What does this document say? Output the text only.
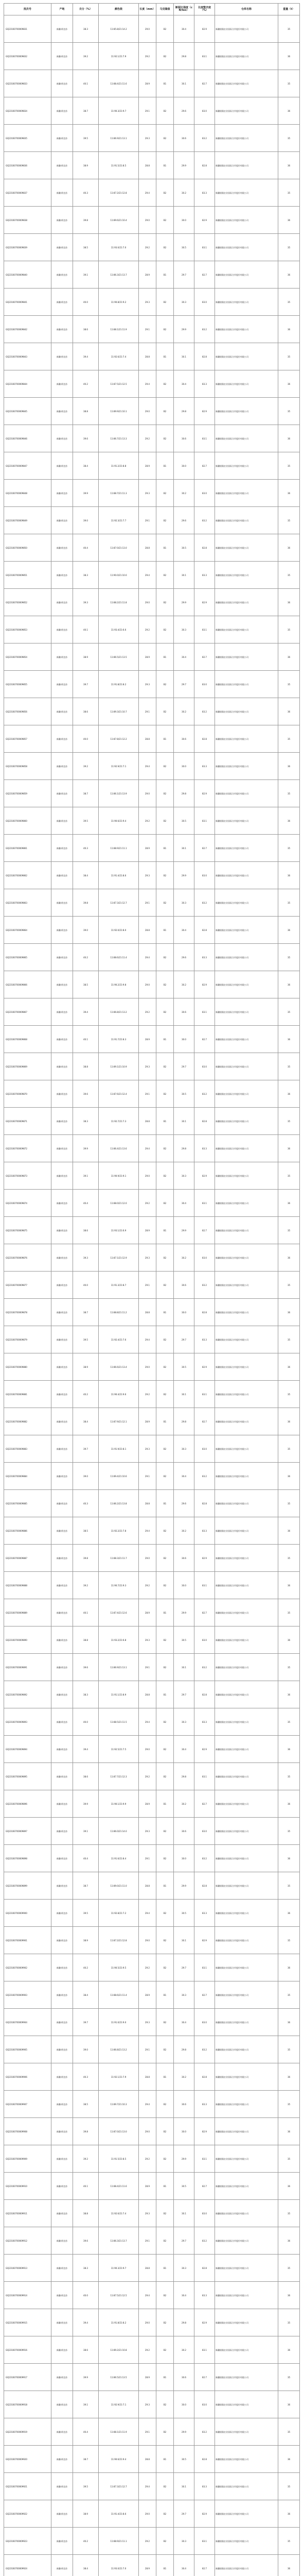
批次号	产地	衣分（%）	颜色级	长度（mm）	马克隆值	断裂比强度（cN/tex）	长度整齐度（%）	仓库名称	重量（t）
GQ23160700009831	新疆·阿克苏	38.3	11:85.8/21:14.2	29.0	B2	30.4	82.9	新疆银隆农业国际合作股份有限公司	35
GQ23160700009832	新疆·阿克苏	39.2	11:92.1/21:7.9	29.2	B2	29.8	83.1	新疆银隆农业国际合作股份有限公司	36
GQ23160700009833	新疆·阿克苏	40.1	11:88.4/21:11.6	28.9	B1	30.1	82.7	新疆银隆农业国际合作股份有限公司	35
GQ23160700009834	新疆·阿克苏	38.7	11:90.3/21:9.7	29.1	B2	29.6	83.0	新疆银隆农业国际合作股份有限公司	36
GQ23160700009835	新疆·阿克苏	39.5	11:86.9/21:13.1	29.3	B2	30.6	83.2	新疆银隆农业国际合作股份有限公司	35
GQ23160700009836	新疆·阿克苏	38.9	11:91.5/21:8.5	28.8	B1	29.9	82.8	新疆银隆农业国际合作股份有限公司	36
GQ23160700009837	新疆·阿克苏	40.3	11:87.2/21:12.8	29.4	B2	30.2	83.3	新疆银隆农业国际合作股份有限公司	35
GQ23160700009838	新疆·阿克苏	39.8	11:89.6/21:10.4	29.0	B2	30.0	82.9	新疆银隆农业国际合作股份有限公司	36
GQ23160700009839	新疆·阿克苏	38.5	11:93.0/21:7.0	29.2	B2	30.5	83.1	新疆银隆农业国际合作股份有限公司	35
GQ23160700009840	新疆·阿克苏	39.1	11:86.3/21:13.7	28.9	B1	29.7	82.7	新疆银隆农业国际合作股份有限公司	36
GQ23160700009841	新疆·阿克苏	40.0	11:90.8/21:9.2	29.3	B2	30.3	83.0	新疆银隆农业国际合作股份有限公司	35
GQ23160700009842	新疆·阿克苏	38.6	11:88.1/21:11.9	29.1	B2	29.9	83.2	新疆银隆农业国际合作股份有限公司	36
GQ23160700009843	新疆·阿克苏	39.4	11:92.6/21:7.4	28.8	B1	30.1	82.8	新疆银隆农业国际合作股份有限公司	35
GQ23160700009844	新疆·阿克苏	40.2	11:87.5/21:12.5	29.4	B2	30.4	83.3	新疆银隆农业国际合作股份有限公司	36
GQ23160700009845	新疆·阿克苏	38.8	11:89.9/21:10.1	29.0	B2	29.8	82.9	新疆银隆农业国际合作股份有限公司	35
GQ23160700009846	新疆·阿克苏	39.6	11:86.7/21:13.3	29.2	B2	30.6	83.1	新疆银隆农业国际合作股份有限公司	36
GQ23160700009847	新疆·阿克苏	38.4	11:91.2/21:8.8	28.9	B1	30.0	82.7	新疆银隆农业国际合作股份有限公司	35
GQ23160700009848	新疆·阿克苏	39.9	11:88.7/21:11.3	29.3	B2	30.2	83.0	新疆银隆农业国际合作股份有限公司	36
GQ23160700009849	新疆·阿克苏	39.0	11:92.3/21:7.7	29.1	B2	29.6	83.2	新疆银隆农业国际合作股份有限公司	35
GQ23160700009850	新疆·阿克苏	40.4	11:87.0/21:13.0	28.8	B1	30.5	82.8	新疆银隆农业国际合作股份有限公司	36
GQ23160700009851	新疆·阿克苏	38.3	11:90.0/21:10.0	29.4	B2	30.1	83.3	新疆银隆农业国际合作股份有限公司	35
GQ23160700009852	新疆·阿克苏	39.3	11:88.2/21:11.8	29.0	B2	29.9	82.9	新疆银隆农业国际合作股份有限公司	36
GQ23160700009853	新疆·阿克苏	40.1	11:93.4/21:6.6	29.2	B2	30.3	83.1	新疆银隆农业国际合作股份有限公司	35
GQ23160700009854	新疆·阿克苏	38.9	11:86.5/21:13.5	28.9	B1	30.4	82.7	新疆银隆农业国际合作股份有限公司	36
GQ23160700009855	新疆·阿克苏	39.7	11:91.8/21:8.2	29.3	B2	29.7	83.0	新疆银隆农业国际合作股份有限公司	35
GQ23160700009856	新疆·阿克苏	38.6	11:89.3/21:10.7	29.1	B2	30.2	83.2	新疆银隆农业国际合作股份有限公司	36
GQ23160700009857	新疆·阿克苏	40.0	11:87.8/21:12.2	28.8	B1	30.6	82.8	新疆银隆农业国际合作股份有限公司	35
GQ23160700009858	新疆·阿克苏	39.2	11:92.9/21:7.1	29.4	B2	30.0	83.3	新疆银隆农业国际合作股份有限公司	36
GQ23160700009859	新疆·阿克苏	38.7	11:86.1/21:13.9	29.0	B2	29.8	82.9	新疆银隆农业国际合作股份有限公司	35
GQ23160700009860	新疆·阿克苏	39.5	11:90.6/21:9.4	29.2	B2	30.5	83.1	新疆银隆农业国际合作股份有限公司	36
GQ23160700009861	新疆·阿克苏	40.3	11:88.9/21:11.1	28.9	B1	30.1	82.7	新疆银隆农业国际合作股份有限公司	35
GQ23160700009862	新疆·阿克苏	38.4	11:91.4/21:8.6	29.3	B2	29.9	83.0	新疆银隆农业国际合作股份有限公司	36
GQ23160700009863	新疆·阿克苏	39.8	11:87.3/21:12.7	29.1	B2	30.3	83.2	新疆银隆农业国际合作股份有限公司	35
GQ23160700009864	新疆·阿克苏	39.0	11:92.0/21:8.0	28.8	B1	30.4	82.8	新疆银隆农业国际合作股份有限公司	36
GQ23160700009865	新疆·阿克苏	40.2	11:88.6/21:11.4	29.4	B2	29.6	83.3	新疆银隆农业国际合作股份有限公司	35
GQ23160700009866	新疆·阿克苏	38.5	11:90.2/21:9.8	29.0	B2	30.2	82.9	新疆银隆农业国际合作股份有限公司	36
GQ23160700009867	新疆·阿克苏	39.4	11:86.8/21:13.2	29.2	B2	30.6	83.1	新疆银隆农业国际合作股份有限公司	35
GQ23160700009868	新疆·阿克苏	40.1	11:91.7/21:8.3	28.9	B1	30.0	82.7	新疆银隆农业国际合作股份有限公司	36
GQ23160700009869	新疆·阿克苏	38.8	11:89.1/21:10.9	29.3	B2	29.7	83.0	新疆银隆农业国际合作股份有限公司	35
GQ23160700009870	新疆·阿克苏	39.6	11:87.6/21:12.4	29.1	B2	30.5	83.2	新疆银隆农业国际合作股份有限公司	36
GQ23160700009871	新疆·阿克苏	38.3	11:92.7/21:7.3	28.8	B1	30.1	82.8	新疆银隆农业国际合作股份有限公司	35
GQ23160700009872	新疆·阿克苏	39.9	11:86.4/21:13.6	29.4	B2	29.8	83.3	新疆银隆农业国际合作股份有限公司	36
GQ23160700009873	新疆·阿克苏	39.1	11:90.9/21:9.1	29.0	B2	30.3	82.9	新疆银隆农业国际合作股份有限公司	35
GQ23160700009874	新疆·阿克苏	40.4	11:88.0/21:12.0	29.2	B2	30.4	83.1	新疆银隆农业国际合作股份有限公司	36
GQ23160700009875	新疆·阿克苏	38.6	11:93.1/21:6.9	28.9	B1	29.9	82.7	新疆银隆农业国际合作股份有限公司	35
GQ23160700009876	新疆·阿克苏	39.3	11:87.1/21:12.9	29.3	B2	30.2	83.0	新疆银隆农业国际合作股份有限公司	36
GQ23160700009877	新疆·阿克苏	40.0	11:91.3/21:8.7	29.1	B2	30.6	83.2	新疆银隆农业国际合作股份有限公司	35
GQ23160700009878	新疆·阿克苏	38.7	11:88.8/21:11.2	28.8	B1	30.0	82.8	新疆银隆农业国际合作股份有限公司	36
GQ23160700009879	新疆·阿克苏	39.5	11:92.4/21:7.6	29.4	B2	29.7	83.3	新疆银隆农业国际合作股份有限公司	35
GQ23160700009880	新疆·阿克苏	38.9	11:86.6/21:13.4	29.0	B2	30.5	82.9	新疆银隆农业国际合作股份有限公司	36
GQ23160700009881	新疆·阿克苏	40.2	11:90.4/21:9.6	29.2	B2	30.1	83.1	新疆银隆农业国际合作股份有限公司	35
GQ23160700009882	新疆·阿克苏	38.4	11:87.9/21:12.1	28.9	B1	29.8	82.7	新疆银隆农业国际合作股份有限公司	36
GQ23160700009883	新疆·阿克苏	39.7	11:91.9/21:8.1	29.3	B2	30.3	83.0	新疆银隆农业国际合作股份有限公司	35
GQ23160700009884	新疆·阿克苏	39.0	11:89.4/21:10.6	29.1	B2	30.4	83.2	新疆银隆农业国际合作股份有限公司	36
GQ23160700009885	新疆·阿克苏	40.3	11:86.2/21:13.8	28.8	B1	29.6	82.8	新疆银隆农业国际合作股份有限公司	35
GQ23160700009886	新疆·阿克苏	38.5	11:92.2/21:7.8	29.4	B2	30.2	83.3	新疆银隆农业国际合作股份有限公司	36
GQ23160700009887	新疆·阿克苏	39.8	11:88.3/21:11.7	29.0	B2	30.6	82.9	新疆银隆农业国际合作股份有限公司	35
GQ23160700009888	新疆·阿克苏	39.2	11:90.7/21:9.3	29.2	B2	30.0	83.1	新疆银隆农业国际合作股份有限公司	36
GQ23160700009889	新疆·阿克苏	40.1	11:87.4/21:12.6	28.9	B1	29.9	82.7	新疆银隆农业国际合作股份有限公司	35
GQ23160700009890	新疆·阿克苏	38.8	11:93.2/21:6.8	29.3	B2	30.5	83.0	新疆银隆农业国际合作股份有限公司	36
GQ23160700009891	新疆·阿克苏	39.6	11:86.9/21:13.1	29.1	B2	30.1	83.2	新疆银隆农业国际合作股份有限公司	35
GQ23160700009892	新疆·阿克苏	38.3	11:91.1/21:8.9	28.8	B1	29.7	82.8	新疆银隆农业国际合作股份有限公司	36
GQ23160700009893	新疆·阿克苏	40.0	11:88.5/21:11.5	29.4	B2	30.3	83.3	新疆银隆农业国际合作股份有限公司	35
GQ23160700009894	新疆·阿克苏	39.4	11:92.5/21:7.5	29.0	B2	30.4	82.9	新疆银隆农业国际合作股份有限公司	36
GQ23160700009895	新疆·阿克苏	38.6	11:87.7/21:12.3	29.2	B2	29.8	83.1	新疆银隆农业国际合作股份有限公司	35
GQ23160700009896	新疆·阿克苏	39.9	11:90.1/21:9.9	28.9	B1	30.2	82.7	新疆银隆农业国际合作股份有限公司	36
GQ23160700009897	新疆·阿克苏	39.1	11:86.0/21:14.0	29.3	B2	30.6	83.0	新疆银隆农业国际合作股份有限公司	35
GQ23160700009898	新疆·阿克苏	40.4	11:91.6/21:8.4	29.1	B2	30.0	83.2	新疆银隆农业国际合作股份有限公司	36
GQ23160700009899	新疆·阿克苏	38.7	11:89.0/21:11.0	28.8	B1	29.9	82.8	新疆银隆农业国际合作股份有限公司	35
GQ23160700009900	新疆·阿克苏	39.5	11:92.8/21:7.2	29.4	B2	30.5	83.3	新疆银隆农业国际合作股份有限公司	36
GQ23160700009901	新疆·阿克苏	38.9	11:87.2/21:12.8	29.0	B2	30.1	82.9	新疆银隆农业国际合作股份有限公司	35
GQ23160700009902	新疆·阿克苏	40.2	11:90.5/21:9.5	29.2	B2	29.7	83.1	新疆银隆农业国际合作股份有限公司	36
GQ23160700009903	新疆·阿克苏	38.4	11:88.6/21:11.4	28.9	B1	30.3	82.7	新疆银隆农业国际合作股份有限公司	35
GQ23160700009904	新疆·阿克苏	39.7	11:91.0/21:9.0	29.3	B2	30.4	83.0	新疆银隆农业国际合作股份有限公司	36
GQ23160700009905	新疆·阿克苏	39.0	11:86.8/21:13.2	29.1	B2	29.8	83.2	新疆银隆农业国际合作股份有限公司	35
GQ23160700009906	新疆·阿克苏	40.3	11:92.1/21:7.9	28.8	B1	30.2	82.8	新疆银隆农业国际合作股份有限公司	36
GQ23160700009907	新疆·阿克苏	38.5	11:89.7/21:10.3	29.4	B2	30.6	83.3	新疆银隆农业国际合作股份有限公司	35
GQ23160700009908	新疆·阿克苏	39.8	11:87.0/21:13.0	29.0	B2	30.0	82.9	新疆银隆农业国际合作股份有限公司	36
GQ23160700009909	新疆·阿克苏	39.2	11:91.5/21:8.5	29.2	B2	29.9	83.1	新疆银隆农业国际合作股份有限公司	35
GQ23160700009910	新疆·阿克苏	40.1	11:88.4/21:11.6	28.9	B1	30.5	82.7	新疆银隆农业国际合作股份有限公司	36
GQ23160700009911	新疆·阿克苏	38.8	11:92.6/21:7.4	29.3	B2	30.1	83.0	新疆银隆农业国际合作股份有限公司	35
GQ23160700009912	新疆·阿克苏	39.6	11:86.3/21:13.7	29.1	B2	29.7	83.2	新疆银隆农业国际合作股份有限公司	36
GQ23160700009913	新疆·阿克苏	38.3	11:90.3/21:9.7	28.8	B1	30.3	82.8	新疆银隆农业国际合作股份有限公司	35
GQ23160700009914	新疆·阿克苏	40.0	11:87.5/21:12.5	29.4	B2	30.4	83.3	新疆银隆农业国际合作股份有限公司	36
GQ23160700009915	新疆·阿克苏	39.4	11:91.8/21:8.2	29.0	B2	29.8	82.9	新疆银隆农业国际合作股份有限公司	35
GQ23160700009916	新疆·阿克苏	38.6	11:89.2/21:10.8	29.2	B2	30.2	83.1	新疆银隆农业国际合作股份有限公司	36
GQ23160700009917	新疆·阿克苏	39.9	11:86.5/21:13.5	28.9	B1	30.6	82.7	新疆银隆农业国际合作股份有限公司	35
GQ23160700009918	新疆·阿克苏	39.1	11:92.9/21:7.1	29.3	B2	30.0	83.0	新疆银隆农业国际合作股份有限公司	36
GQ23160700009919	新疆·阿克苏	40.4	11:88.1/21:11.9	29.1	B2	29.9	83.2	新疆银隆农业国际合作股份有限公司	35
GQ23160700009920	新疆·阿克苏	38.7	11:90.6/21:9.4	28.8	B1	30.5	82.8	新疆银隆农业国际合作股份有限公司	36
GQ23160700009921	新疆·阿克苏	39.5	11:87.3/21:12.7	29.4	B2	30.1	83.3	新疆银隆农业国际合作股份有限公司	35
GQ23160700009922	新疆·阿克苏	38.9	11:91.4/21:8.6	29.0	B2	29.7	82.9	新疆银隆农业国际合作股份有限公司	36
GQ23160700009923	新疆·阿克苏	40.2	11:88.9/21:11.1	29.2	B2	30.3	83.1	新疆银隆农业国际合作股份有限公司	35
GQ23160700009924	新疆·阿克苏	38.4	11:93.0/21:7.0	28.9	B1	30.4	82.7	新疆银隆农业国际合作股份有限公司	36
